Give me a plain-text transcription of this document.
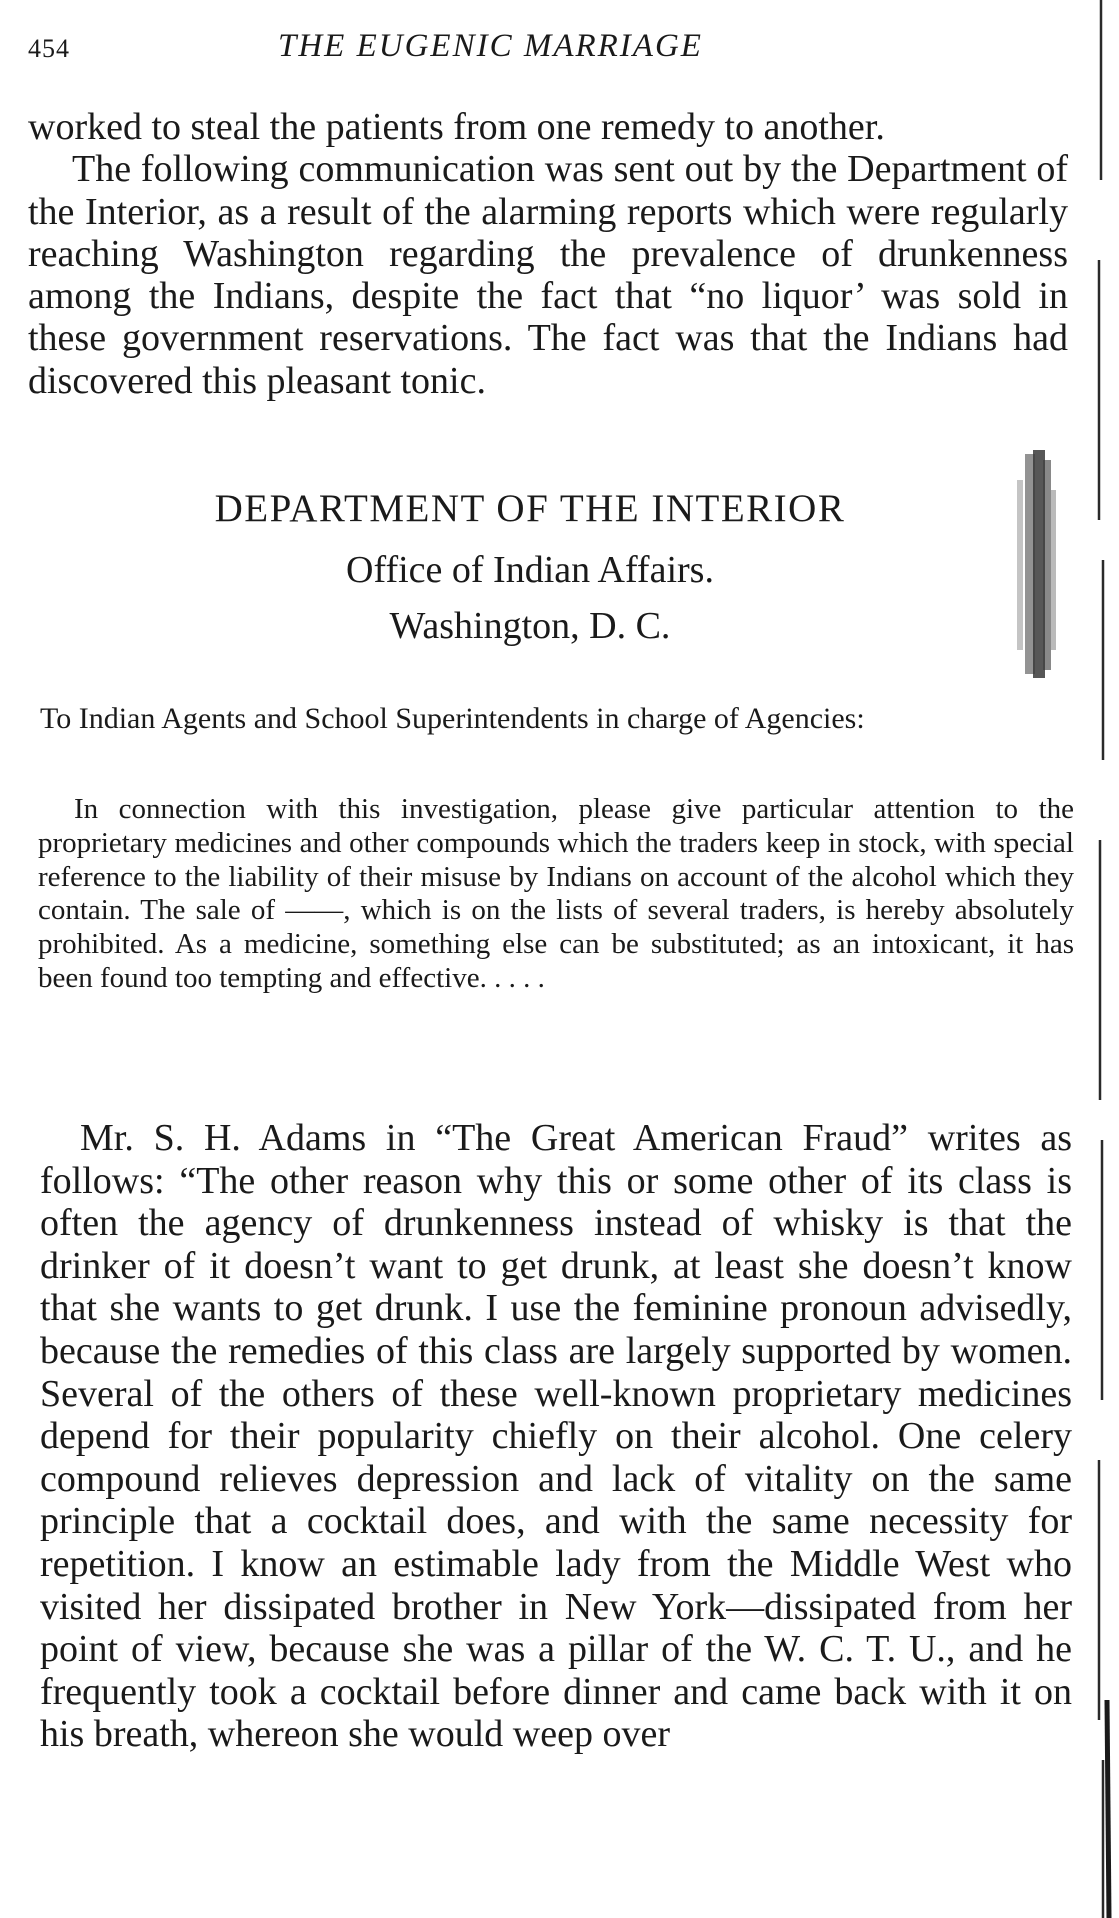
454	THE EUGENIC MARRIAGE

worked to steal the patients from one remedy to another.

The following communication was sent out by the Department of the Interior, as a result of the alarming reports which were regularly reaching Washington regarding the prevalence of drunkenness among the Indians, despite the fact that “no liquor’ was sold in these government reservations. The fact was that the Indians had discovered this pleasant tonic.

DEPARTMENT OF THE INTERIOR

Office of Indian Affairs.

Washington, D. C.

To Indian Agents and School Superintendents in charge of Agencies:

In connection with this investigation, please give particular attention to the proprietary medicines and other compounds which the traders keep in stock, with special reference to the liability of their misuse by Indians on account of the alcohol which they contain. The sale of ——, which is on the lists of several traders, is hereby absolutely prohibited. As a medicine, something else can be substituted; as an intoxicant, it has been found too tempting and effective. . . . .

Mr. S. H. Adams in “The Great American Fraud” writes as follows: “The other reason why this or some other of its class is often the agency of drunkenness instead of whisky is that the drinker of it doesn’t want to get drunk, at least she doesn’t know that she wants to get drunk. I use the feminine pronoun advisedly, because the remedies of this class are largely supported by women. Several of the others of these well-known proprietary medicines depend for their popularity chiefly on their alcohol. One celery compound relieves depression and lack of vitality on the same principle that a cocktail does, and with the same necessity for repetition. I know an estimable lady from the Middle West who visited her dissipated brother in New York—dissipated from her point of view, because she was a pillar of the W. C. T. U., and he frequently took a cocktail before dinner and came back with it on his breath, whereon she would weep over
